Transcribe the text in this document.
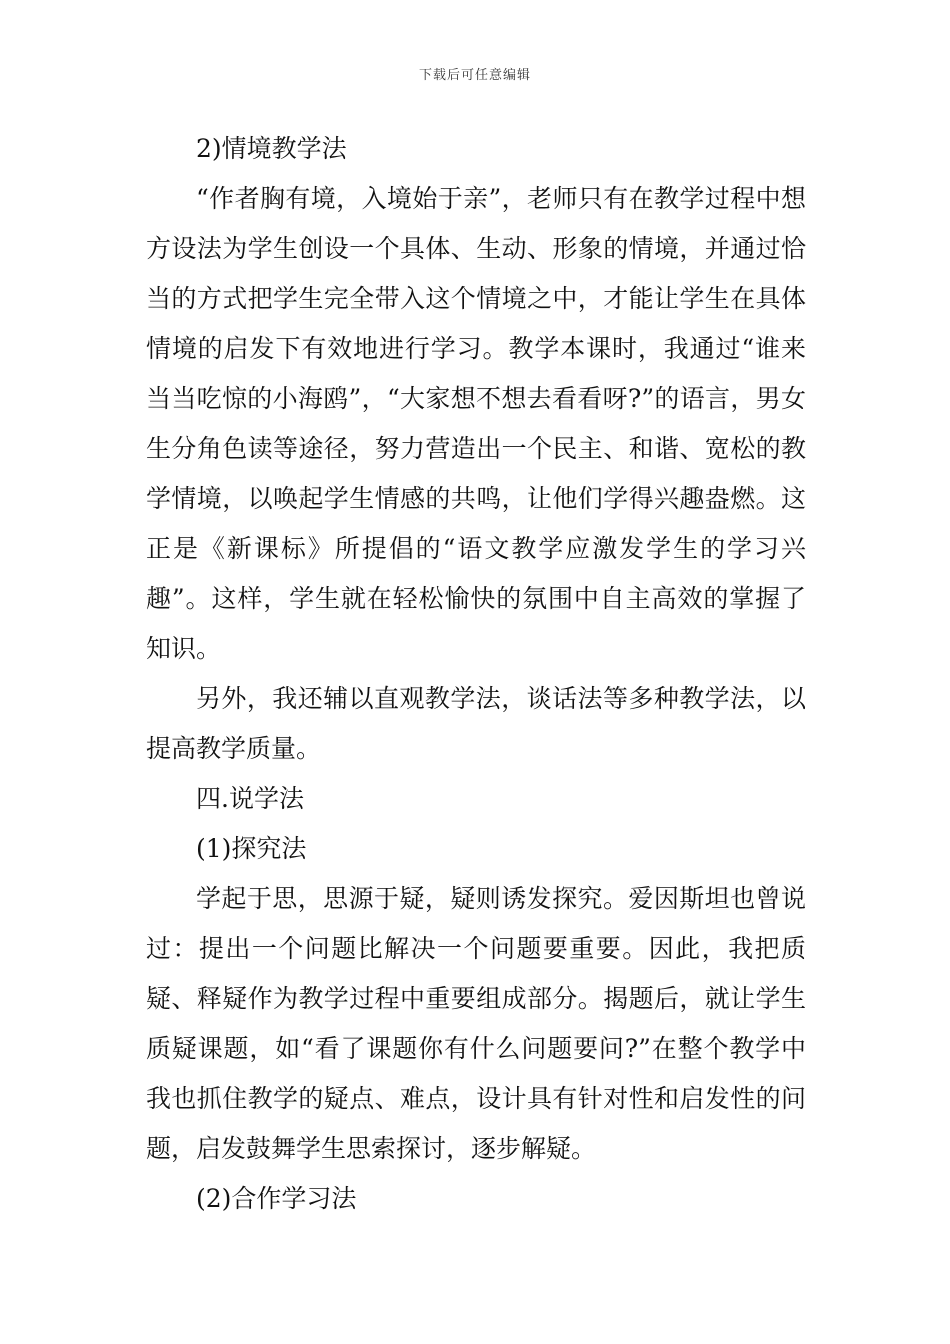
下载后可任意编辑

2)情境教学法

“作者胸有境，入境始于亲”，老师只有在教学过程中想方设法为学生创设一个具体、生动、形象的情境，并通过恰当的方式把学生完全带入这个情境之中，才能让学生在具体情境的启发下有效地进行学习。教学本课时，我通过“谁来当当吃惊的小海鸥”，“大家想不想去看看呀?”的语言，男女生分角色读等途径，努力营造出一个民主、和谐、宽松的教学情境，以唤起学生情感的共鸣，让他们学得兴趣盎燃。这正是《新课标》所提倡的“语文教学应激发学生的学习兴趣”。这样，学生就在轻松愉快的氛围中自主高效的掌握了知识。

另外，我还辅以直观教学法，谈话法等多种教学法，以提高教学质量。

四.说学法

(1)探究法

学起于思，思源于疑，疑则诱发探究。爱因斯坦也曾说过：提出一个问题比解决一个问题要重要。因此，我把质疑、释疑作为教学过程中重要组成部分。揭题后，就让学生质疑课题，如“看了课题你有什么问题要问?”在整个教学中我也抓住教学的疑点、难点，设计具有针对性和启发性的问题，启发鼓舞学生思索探讨，逐步解疑。

(2)合作学习法
